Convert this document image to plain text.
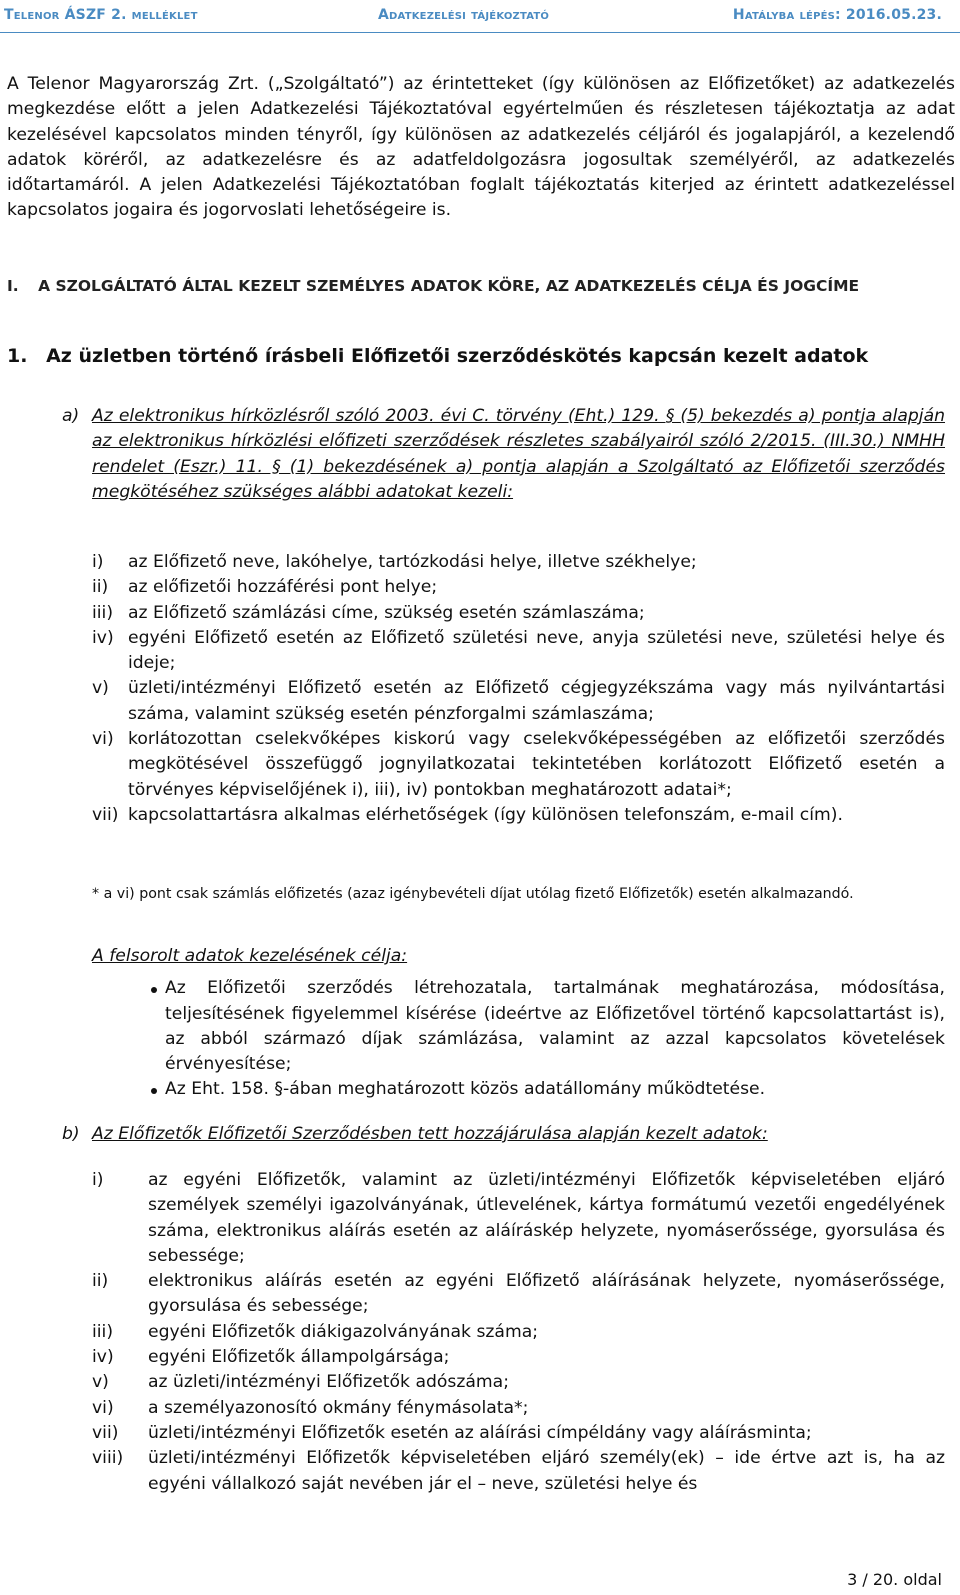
Telenor ÁSZF 2. melléklet	Adatkezelési tájékoztató	Hatályba lépés: 2016.05.23.
A Telenor Magyarország Zrt. („Szolgáltató”) az érintetteket (így különösen az Előfizetőket) az adatkezelés megkezdése előtt a jelen Adatkezelési Tájékoztatóval egyértelműen és részletesen tájékoztatja az adat kezelésével kapcsolatos minden tényről, így különösen az adatkezelés céljáról és jogalapjáról, a kezelendő adatok köréről, az adatkezelésre és az adatfeldolgozásra jogosultak személyéről, az adatkezelés időtartamáról. A jelen Adatkezelési Tájékoztatóban foglalt tájékoztatás kiterjed az érintett adatkezeléssel kapcsolatos jogaira és jogorvoslati lehetőségeire is.
I. A SZOLGÁLTATÓ ÁLTAL KEZELT SZEMÉLYES ADATOK KÖRE, AZ ADATKEZELÉS CÉLJA ÉS JOGCÍME
1. Az üzletben történő írásbeli Előfizetői szerződéskötés kapcsán kezelt adatok
a) Az elektronikus hírközlésről szóló 2003. évi C. törvény (Eht.) 129. § (5) bekezdés a) pontja alapján az elektronikus hírközlési előfizeti szerződések részletes szabályairól szóló 2/2015. (III.30.) NMHH rendelet (Eszr.) 11. § (1) bekezdésének a) pontja alapján a Szolgáltató az Előfizetői szerződés megkötéséhez szükséges alábbi adatokat kezeli:
i) az Előfizető neve, lakóhelye, tartózkodási helye, illetve székhelye;
ii) az előfizetői hozzáférési pont helye;
iii) az Előfizető számlázási címe, szükség esetén számlaszáma;
iv) egyéni Előfizető esetén az Előfizető születési neve, anyja születési neve, születési helye és ideje;
v) üzleti/intézményi Előfizető esetén az Előfizető cégjegyzékszáma vagy más nyilvántartási száma, valamint szükség esetén pénzforgalmi számlaszáma;
vi) korlátozottan cselekvőképes kiskorú vagy cselekvőképességében az előfizetői szerződés megkötésével összefüggő jognyilatkozatai tekintetében korlátozott Előfizető esetén a törvényes képviselőjének i), iii), iv) pontokban meghatározott adatai*;
vii) kapcsolattartásra alkalmas elérhetőségek (így különösen telefonszám, e-mail cím).
* a vi) pont csak számlás előfizetés (azaz igénybevételi díjat utólag fizető Előfizetők) esetén alkalmazandó.
A felsorolt adatok kezelésének célja:
Az Előfizetői szerződés létrehozatala, tartalmának meghatározása, módosítása, teljesítésének figyelemmel kísérése (ideértve az Előfizetővel történő kapcsolattartást is), az abból származó díjak számlázása, valamint az azzal kapcsolatos követelések érvényesítése;
Az Eht. 158. §-ában meghatározott közös adatállomány működtetése.
b) Az Előfizetők Előfizetői Szerződésben tett hozzájárulása alapján kezelt adatok:
i)	az egyéni Előfizetők, valamint az üzleti/intézményi Előfizetők képviseletében eljáró személyek személyi igazolványának, útlevelének, kártya formátumú vezetői engedélyének száma, elektronikus aláírás esetén az aláíráskép helyzete, nyomáserőssége, gyorsulása és sebessége;
ii) elektronikus aláírás esetén az egyéni Előfizető aláírásának helyzete, nyomáserőssége, gyorsulása és sebessége;
iii) egyéni Előfizetők diákigazolványának száma;
iv) egyéni Előfizetők állampolgársága;
v) az üzleti/intézményi Előfizetők adószáma;
vi) a személyazonosító okmány fénymásolata*;
vii) üzleti/intézményi Előfizetők esetén az aláírási címpéldány vagy aláírásminta;
viii) üzleti/intézményi Előfizetők képviseletében eljáró személy(ek) – ide értve azt is, ha az egyéni vállalkozó saját nevében jár el – neve, születési helye és
3 / 20. oldal
